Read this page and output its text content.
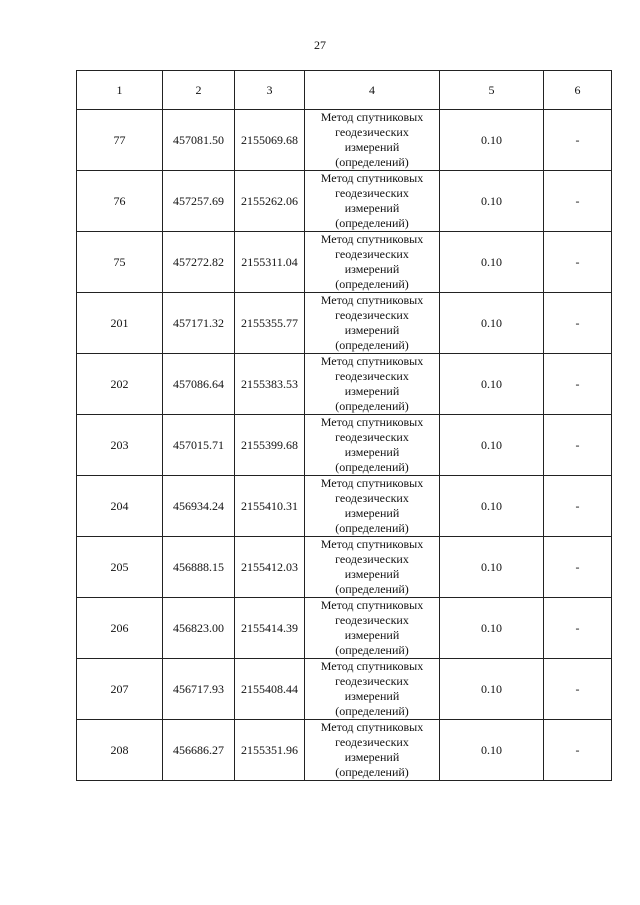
27
1	2	3	4	5	6
77	457081.50	2155069.68	Метод спутниковых
геодезических
измерений
(определений)	0.10	-
76	457257.69	2155262.06	Метод спутниковых
геодезических
измерений
(определений)	0.10	-
75	457272.82	2155311.04	Метод спутниковых
геодезических
измерений
(определений)	0.10	-
201	457171.32	2155355.77	Метод спутниковых
геодезических
измерений
(определений)	0.10	-
202	457086.64	2155383.53	Метод спутниковых
геодезических
измерений
(определений)	0.10	-
203	457015.71	2155399.68	Метод спутниковых
геодезических
измерений
(определений)	0.10	-
204	456934.24	2155410.31	Метод спутниковых
геодезических
измерений
(определений)	0.10	-
205	456888.15	2155412.03	Метод спутниковых
геодезических
измерений
(определений)	0.10	-
206	456823.00	2155414.39	Метод спутниковых
геодезических
измерений
(определений)	0.10	-
207	456717.93	2155408.44	Метод спутниковых
геодезических
измерений
(определений)	0.10	-
208	456686.27	2155351.96	Метод спутниковых
геодезических
измерений
(определений)	0.10	-
